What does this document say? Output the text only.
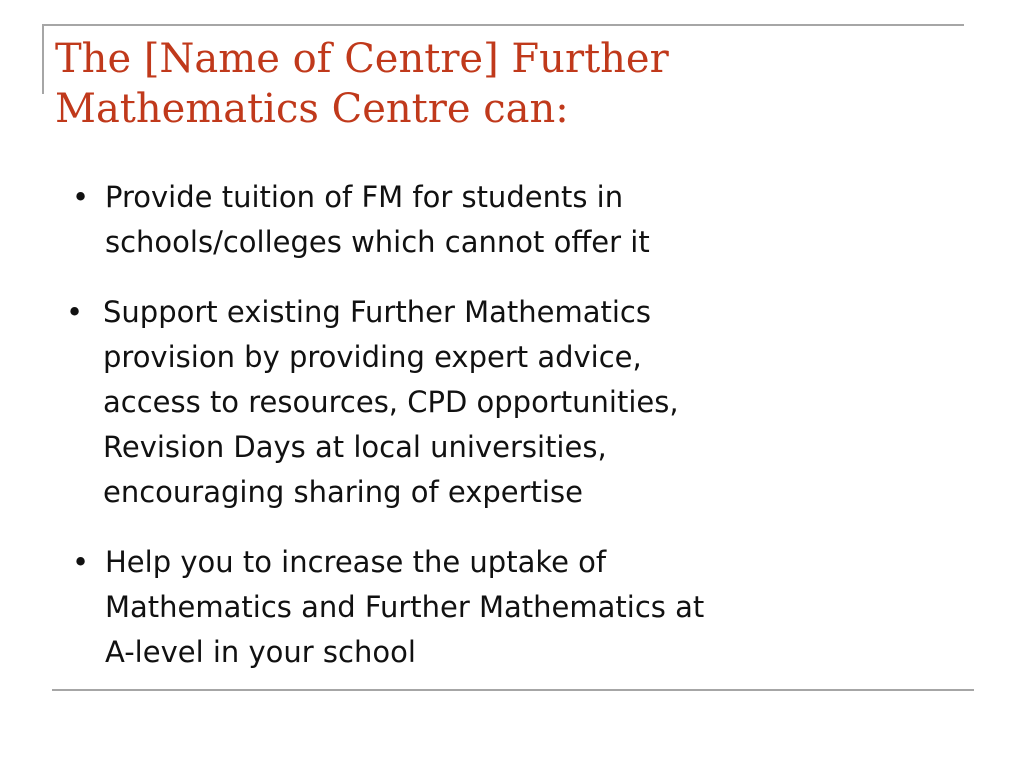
The [Name of Centre] Further
Mathematics Centre can:
• Provide tuition of FM for students in
schools/colleges which cannot offer it
• Support existing Further Mathematics
provision by providing expert advice,
access to resources, CPD opportunities,
Revision Days at local universities,
encouraging sharing of expertise
• Help you to increase the uptake of
Mathematics and Further Mathematics at
A-level in your school
